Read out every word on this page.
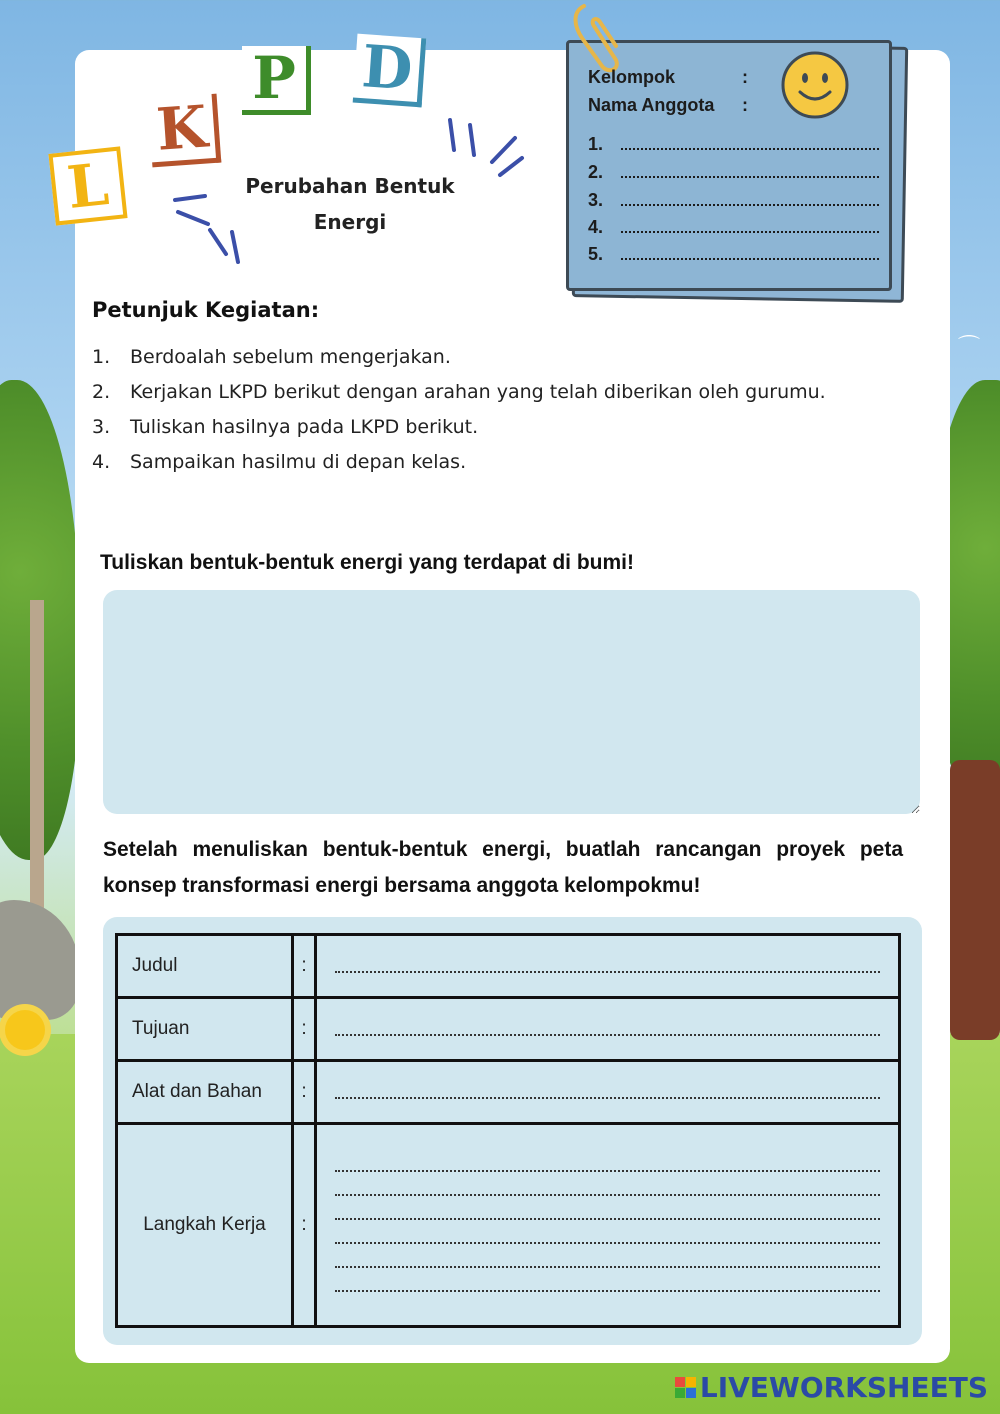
⌒
L
K
P D
Perubahan Bentuk
Energi
Kelompok	:
Nama Anggota :
1.
2.
3.
4.
5.
Petunjuk Kegiatan:
1.	Berdoalah sebelum mengerjakan.
2.	Kerjakan LKPD berikut dengan arahan yang telah diberikan oleh gurumu.
3.	Tuliskan hasilnya pada LKPD berikut.
4.	Sampaikan hasilmu di depan kelas.
Tuliskan bentuk-bentuk energi yang terdapat di bumi!
Setelah menuliskan bentuk-bentuk energi, buatlah rancangan proyek peta konsep transformasi energi bersama anggota kelompokmu!
Judul	:	

Tujuan	:	

Alat dan Bahan	:	

Langkah Kerja	:	
LIVEWORKSHEETS
